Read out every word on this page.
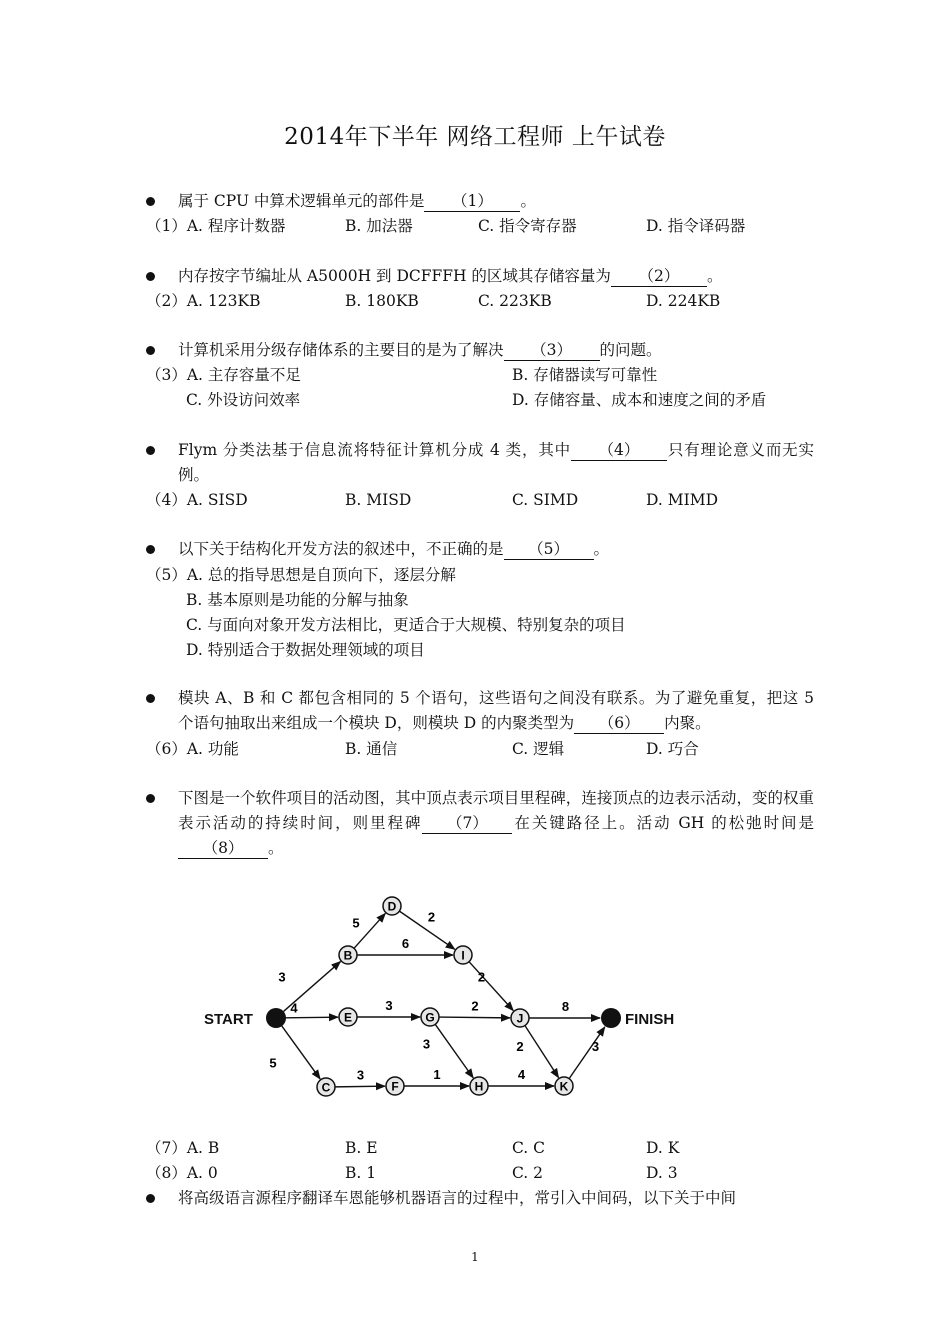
2014年下半年 网络工程师 上午试卷
属于 CPU 中算术逻辑单元的部件是 （1） 。
（1）A. 程序计数器	B. 加法器	C. 指令寄存器	D. 指令译码器
内存按字节编址从 A5000H 到 DCFFFH 的区域其存储容量为 （2） 。
（2）A. 123KB	B. 180KB	C. 223KB	D. 224KB
计算机采用分级存储体系的主要目的是为了解决 （3） 的问题。
（3）A. 主存容量不足	B. 存储器读写可靠性
C. 外设访问效率	D. 存储容量、成本和速度之间的矛盾
Flym 分类法基于信息流将特征计算机分成 4 类，其中 （4） 只有理论意义而无实例。
（4）A. SISD	B. MISD	C. SIMD	D. MIMD
以下关于结构化开发方法的叙述中，不正确的是 （5） 。
（5）A. 总的指导思想是自顶向下，逐层分解
B. 基本原则是功能的分解与抽象
C. 与面向对象开发方法相比，更适合于大规模、特别复杂的项目
D. 特别适合于数据处理领域的项目
模块 A、B 和 C 都包含相同的 5 个语句，这些语句之间没有联系。为了避免重复，把这 5 个语句抽取出来组成一个模块 D，则模块 D 的内聚类型为 （6） 内聚。
（6）A. 功能	B. 通信	C. 逻辑	D. 巧合
下图是一个软件项目的活动图，其中顶点表示项目里程碑，连接顶点的边表示活动，变的权重表示活动的持续时间，则里程碑 （7） 在关键路径上。活动 GH 的松弛时间是（8） 。
3
4
5
5
6
2
3	2
3
2
3	1	4
2
8
3
B
C
D
E
F
G
H
I
J
K
START	FINISH
（7）A. B	B. E	C. C	D. K
（8）A. 0	B. 1	C. 2	D. 3
将高级语言源程序翻译车恩能够机器语言的过程中，常引入中间码，以下关于中间
1
